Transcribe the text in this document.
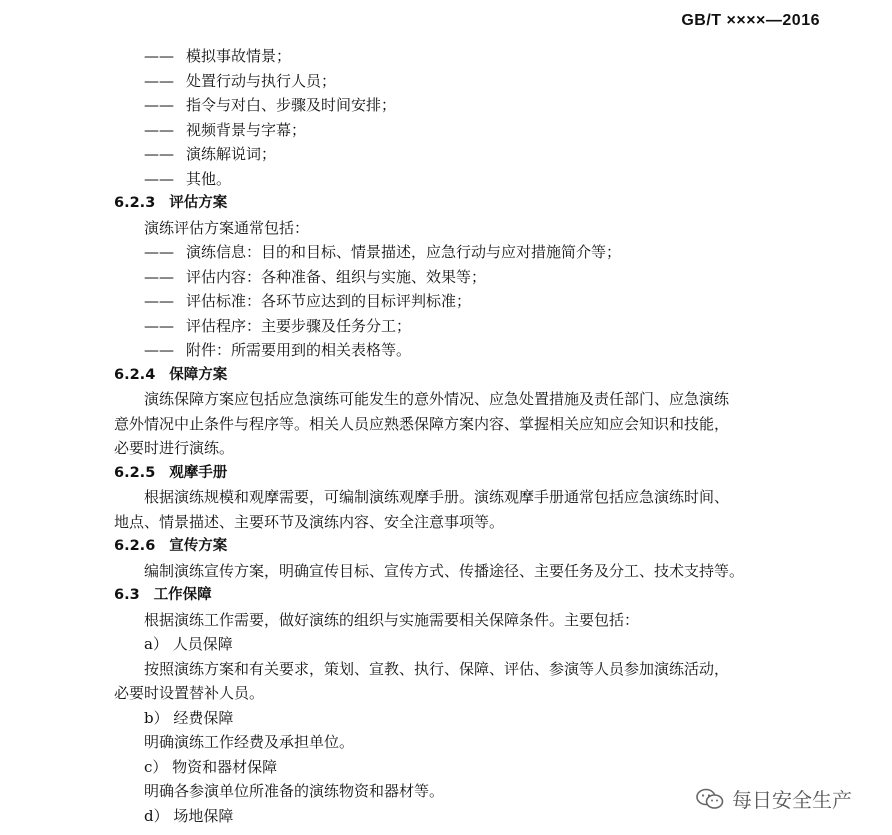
GB/T ××××—2016
—— 模拟事故情景；
—— 处置行动与执行人员；
—— 指令与对白、步骤及时间安排；
—— 视频背景与字幕；
—— 演练解说词；
—— 其他。
6.2.3 评估方案
演练评估方案通常包括：
—— 演练信息：目的和目标、情景描述，应急行动与应对措施简介等；
—— 评估内容：各种准备、组织与实施、效果等；
—— 评估标准：各环节应达到的目标评判标准；
—— 评估程序：主要步骤及任务分工；
—— 附件：所需要用到的相关表格等。
6.2.4 保障方案
演练保障方案应包括应急演练可能发生的意外情况、应急处置措施及责任部门、应急演练
意外情况中止条件与程序等。相关人员应熟悉保障方案内容、掌握相关应知应会知识和技能，
必要时进行演练。
6.2.5 观摩手册
根据演练规模和观摩需要，可编制演练观摩手册。演练观摩手册通常包括应急演练时间、
地点、情景描述、主要环节及演练内容、安全注意事项等。
6.2.6 宣传方案
编制演练宣传方案，明确宣传目标、宣传方式、传播途径、主要任务及分工、技术支持等。
6.3 工作保障
根据演练工作需要，做好演练的组织与实施需要相关保障条件。主要包括：
a） 人员保障
按照演练方案和有关要求，策划、宣教、执行、保障、评估、参演等人员参加演练活动，
必要时设置替补人员。
b） 经费保障
明确演练工作经费及承担单位。
c） 物资和器材保障
明确各参演单位所准备的演练物资和器材等。
d） 场地保障
每日安全生产
